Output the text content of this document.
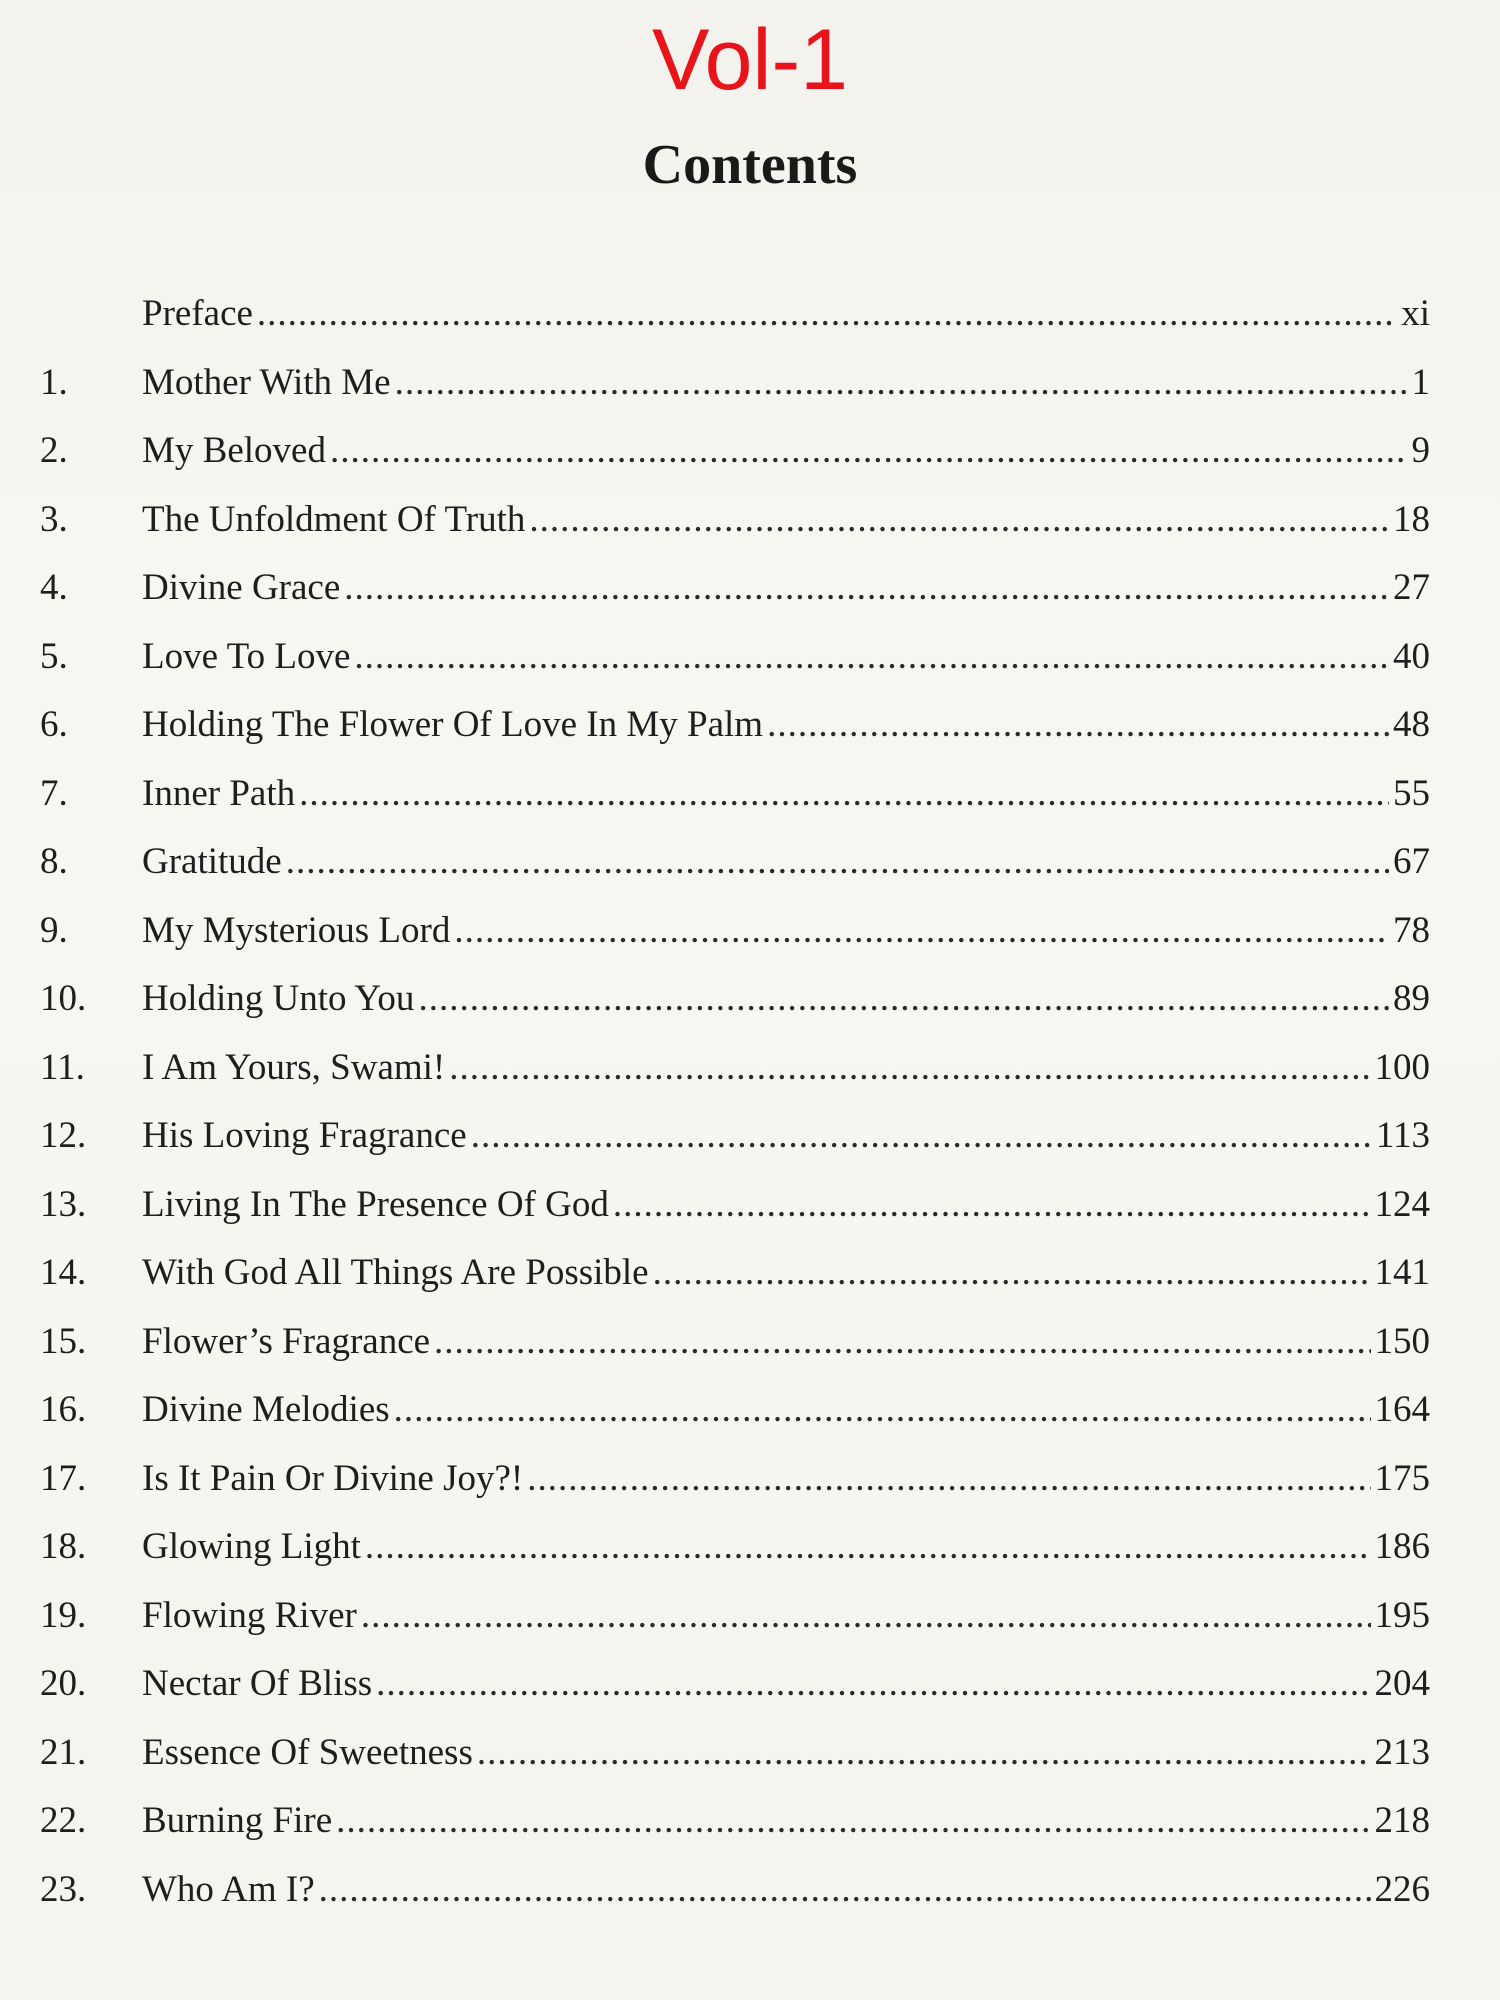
Vol-1
Contents
Preface .....	xi
1.	Mother With Me .....	1
2.	My Beloved .....	9
3.	The Unfoldment Of Truth .....	18
4.	Divine Grace .....	27
5.	Love To Love .....	40
6.	Holding The Flower Of Love In My Palm .....	48
7.	Inner Path .....	55
8.	Gratitude .....	67
9.	My Mysterious Lord .....	78
10.	Holding Unto You .....	89
11.	I Am Yours, Swami! .....	100
12.	His Loving Fragrance .....	113
13.	Living In The Presence Of God .....	124
14.	With God All Things Are Possible .....	141
15.	Flower’s Fragrance .....	150
16.	Divine Melodies .....	164
17.	Is It Pain Or Divine Joy?! .....	175
18.	Glowing Light .....	186
19.	Flowing River .....	195
20.	Nectar Of Bliss .....	204
21.	Essence Of Sweetness .....	213
22.	Burning Fire .....	218
23.	Who Am I? .....	226
